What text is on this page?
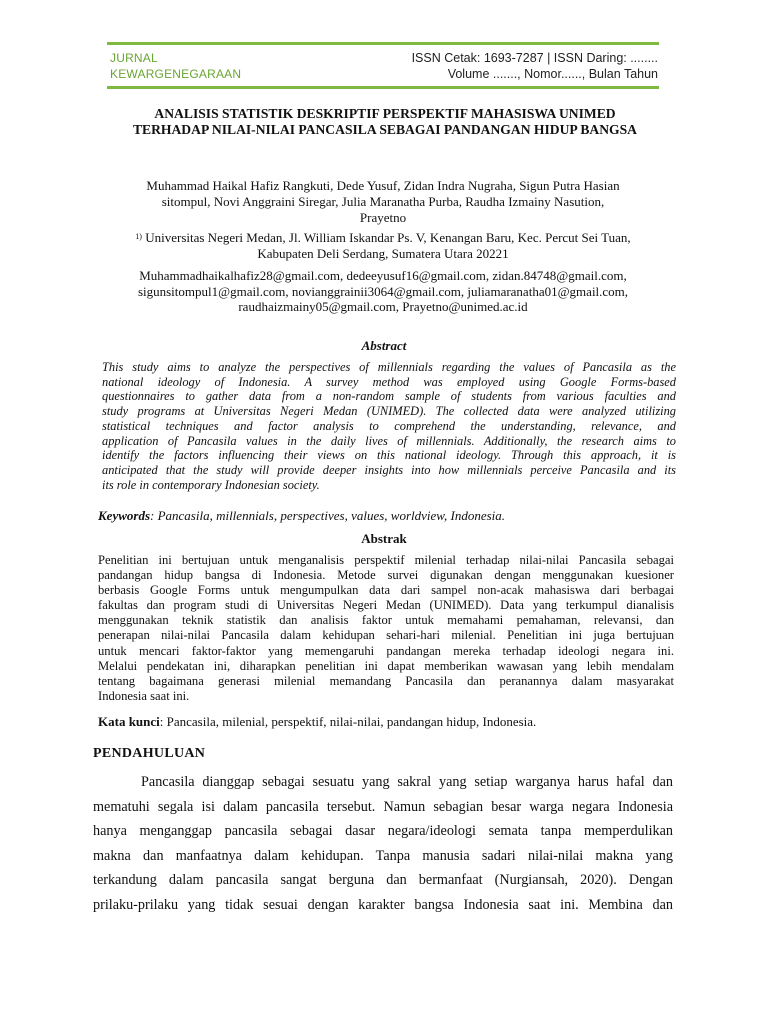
JURNAL
KEWARGENEGARAAN
ISSN Cetak: 1693-7287 | ISSN Daring: ........
Volume ......., Nomor......, Bulan Tahun
ANALISIS STATISTIK DESKRIPTIF PERSPEKTIF MAHASISWA UNIMED
TERHADAP NILAI-NILAI PANCASILA SEBAGAI PANDANGAN HIDUP BANGSA
Muhammad Haikal Hafiz Rangkuti, Dede Yusuf, Zidan Indra Nugraha, Sigun Putra Hasian
sitompul, Novi Anggraini Siregar, Julia Maranatha Purba, Raudha Izmainy Nasution,
Prayetno
$^{1)}$ Universitas Negeri Medan, Jl. William Iskandar Ps. V, Kenangan Baru, Kec. Percut Sei Tuan,
Kabupaten Deli Serdang, Sumatera Utara 20221
Muhammadhaikalhafiz28@gmail.com, dedeeyusuf16@gmail.com, zidan.84748@gmail.com,
sigunsitompul1@gmail.com, novianggrainii3064@gmail.com, juliamaranatha01@gmail.com,
raudhaizmainy05@gmail.com, Prayetno@unimed.ac.id
Abstract
This study aims to analyze the perspectives of millennials regarding the values of Pancasila as the
national ideology of Indonesia. A survey method was employed using Google Forms-based
questionnaires to gather data from a non-random sample of students from various faculties and
study programs at Universitas Negeri Medan (UNIMED). The collected data were analyzed utilizing
statistical techniques and factor analysis to comprehend the understanding, relevance, and
application of Pancasila values in the daily lives of millennials. Additionally, the research aims to
identify the factors influencing their views on this national ideology. Through this approach, it is
anticipated that the study will provide deeper insights into how millennials perceive Pancasila and its
its role in contemporary Indonesian society.
Keywords: Pancasila, millennials, perspectives, values, worldview, Indonesia.
Abstrak
Penelitian ini bertujuan untuk menganalisis perspektif milenial terhadap nilai-nilai Pancasila sebagai
pandangan hidup bangsa di Indonesia. Metode survei digunakan dengan menggunakan kuesioner
berbasis Google Forms untuk mengumpulkan data dari sampel non-acak mahasiswa dari berbagai
fakultas dan program studi di Universitas Negeri Medan (UNIMED). Data yang terkumpul dianalisis
menggunakan teknik statistik dan analisis faktor untuk memahami pemahaman, relevansi, dan
penerapan nilai-nilai Pancasila dalam kehidupan sehari-hari milenial. Penelitian ini juga bertujuan
untuk mencari faktor-faktor yang memengaruhi pandangan mereka terhadap ideologi negara ini.
Melalui pendekatan ini, diharapkan penelitian ini dapat memberikan wawasan yang lebih mendalam
tentang bagaimana generasi milenial memandang Pancasila dan peranannya dalam masyarakat
Indonesia saat ini.
Kata kunci: Pancasila, milenial, perspektif, nilai-nilai, pandangan hidup, Indonesia.
PENDAHULUAN
Pancasila dianggap sebagai sesuatu yang sakral yang setiap warganya harus hafal dan
mematuhi segala isi dalam pancasila tersebut. Namun sebagian besar warga negara Indonesia
hanya menganggap pancasila sebagai dasar negara/ideologi semata tanpa memperdulikan
makna dan manfaatnya dalam kehidupan. Tanpa manusia sadari nilai-nilai makna yang
terkandung dalam pancasila sangat berguna dan bermanfaat (Nurgiansah, 2020). Dengan
prilaku-prilaku yang tidak sesuai dengan karakter bangsa Indonesia saat ini. Membina dan
